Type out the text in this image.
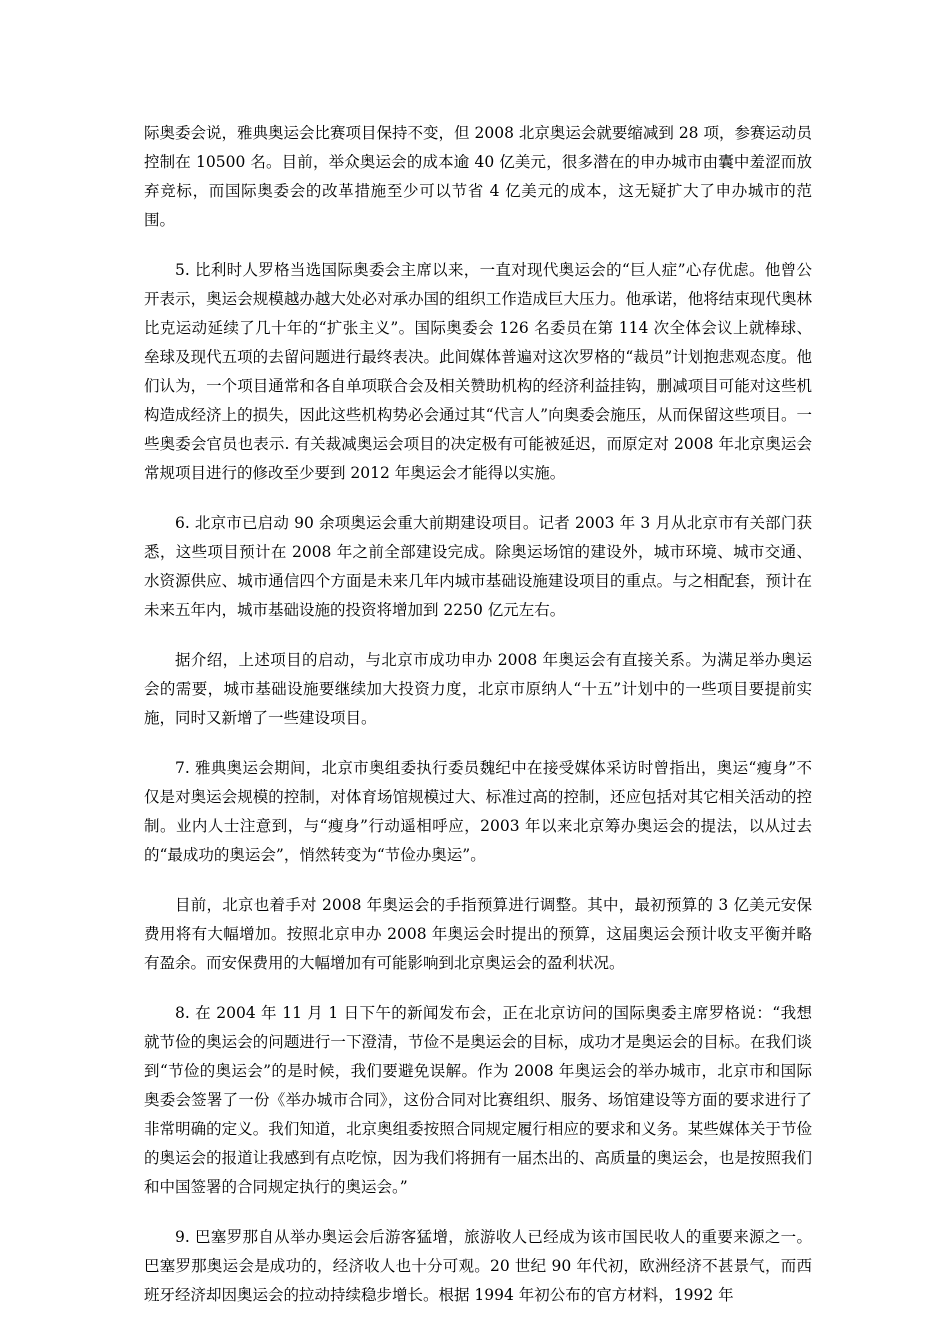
际奥委会说，雅典奥运会比赛项目保持不变，但 2008 北京奥运会就要缩减到 28 项，参赛运动员控制在 10500 名。目前，举众奥运会的成本逾 40 亿美元，很多潜在的申办城市由囊中羞涩而放弃竞标，而国际奥委会的改革措施至少可以节省 4 亿美元的成本，这无疑扩大了申办城市的范围。

5. 比利时人罗格当选国际奥委会主席以来，一直对现代奥运会的“巨人症”心存优虑。他曾公开表示，奥运会规模越办越大处必对承办国的组织工作造成巨大压力。他承诺，他将结束现代奥林比克运动延续了几十年的“扩张主义”。国际奥委会 126 名委员在第 114 次全体会议上就棒球、垒球及现代五项的去留问题进行最终表决。此间媒体普遍对这次罗格的“裁员”计划抱悲观态度。他们认为，一个项目通常和各自单项联合会及相关赞助机构的经济利益挂钩，删减项目可能对这些机构造成经济上的损失，因此这些机构势必会通过其“代言人”向奥委会施压，从而保留这些项目。一些奥委会官员也表示. 有关裁减奥运会项目的决定极有可能被延迟，而原定对 2008 年北京奥运会常规项目进行的修改至少要到 2012 年奥运会才能得以实施。

6. 北京市已启动 90 余项奥运会重大前期建设项目。记者 2003 年 3 月从北京市有关部门获悉，这些项目预计在 2008 年之前全部建设完成。除奥运场馆的建设外，城市环境、城市交通、水资源供应、城市通信四个方面是未来几年内城市基础设施建设项目的重点。与之相配套，预计在未来五年内，城市基础设施的投资将增加到 2250 亿元左右。

据介绍，上述项目的启动，与北京市成功申办 2008 年奥运会有直接关系。为满足举办奥运会的需要，城市基础设施要继续加大投资力度，北京市原纳人“十五”计划中的一些项目要提前实施，同时又新增了一些建设项目。

7. 雅典奥运会期间，北京市奥组委执行委员魏纪中在接受媒体采访时曾指出，奥运“瘦身”不仅是对奥运会规模的控制，对体育场馆规模过大、标准过高的控制，还应包括对其它相关活动的控制。业内人士注意到，与“瘦身”行动遥相呼应，2003 年以来北京筹办奥运会的提法，以从过去的“最成功的奥运会”，悄然转变为“节俭办奥运”。

目前，北京也着手对 2008 年奥运会的手指预算进行调整。其中，最初预算的 3 亿美元安保费用将有大幅增加。按照北京申办 2008 年奥运会时提出的预算，这届奥运会预计收支平衡并略有盈余。而安保费用的大幅增加有可能影响到北京奥运会的盈利状况。

8. 在 2004 年 11 月 1 日下午的新闻发布会，正在北京访问的国际奥委主席罗格说：“我想就节俭的奥运会的问题进行一下澄清，节俭不是奥运会的目标，成功才是奥运会的目标。在我们谈到“节俭的奥运会”的是时候，我们要避免误解。作为 2008 年奥运会的举办城市，北京市和国际奥委会签署了一份《举办城市合同》，这份合同对比赛组织、服务、场馆建设等方面的要求进行了非常明确的定义。我们知道，北京奥组委按照合同规定履行相应的要求和义务。某些媒体关于节俭的奥运会的报道让我感到有点吃惊，因为我们将拥有一届杰出的、高质量的奥运会，也是按照我们和中国签署的合同规定执行的奥运会。”

9. 巴塞罗那自从举办奥运会后游客猛增，旅游收人已经成为该市国民收人的重要来源之一。巴塞罗那奥运会是成功的，经济收人也十分可观。20 世纪 90 年代初，欧洲经济不甚景气，而西班牙经济却因奥运会的拉动持续稳步增长。根据 1994 年初公布的官方材料，1992 年
